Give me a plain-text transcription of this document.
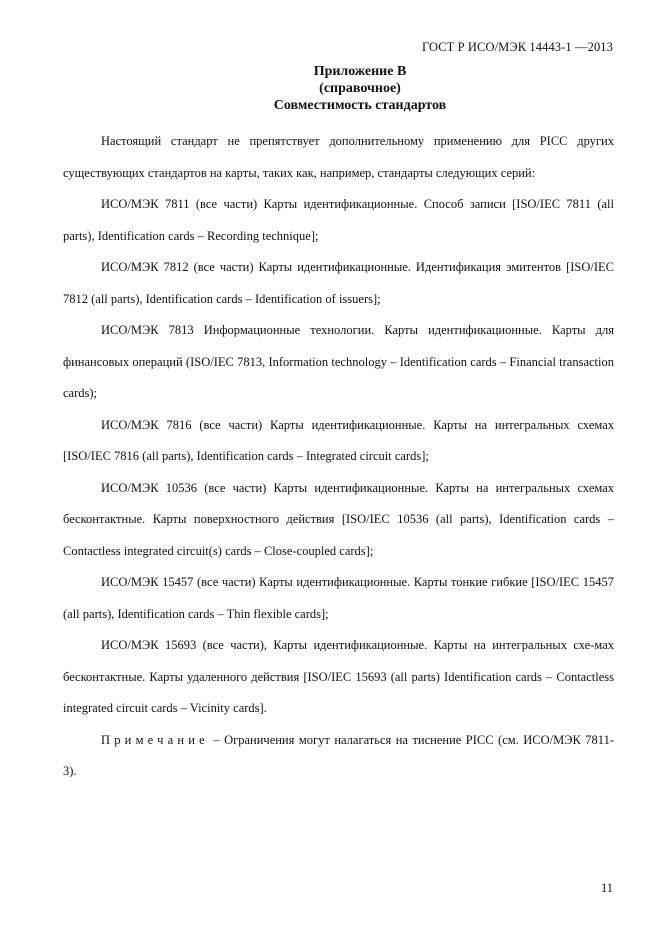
ГОСТ Р ИСО/МЭК 14443-1 —2013
Приложение В
(справочное)
Совместимость стандартов

Настоящий стандарт не препятствует дополнительному применению для PICC других существующих стандартов на карты, таких как, например, стандарты следующих серий:

ИСО/МЭК 7811 (все части) Карты идентификационные. Способ записи [ISO/IEC 7811 (all parts), Identification cards – Recording technique];

ИСО/МЭК 7812 (все части) Карты идентификационные. Идентификация эмитентов [ISO/IEC 7812 (all parts), Identification cards – Identification of issuers];

ИСО/МЭК 7813 Информационные технологии. Карты идентификационные. Карты для финансовых операций (ISO/IEC 7813, Information technology – Identification cards – Financial transaction cards);

ИСО/МЭК 7816 (все части) Карты идентификационные. Карты на интегральных схемах [ISO/IEC 7816 (all parts), Identification cards – Integrated circuit cards];

ИСО/МЭК 10536 (все части) Карты идентификационные. Карты на интегральных схемах бесконтактные. Карты поверхностного действия [ISO/IEC 10536 (all parts), Identification cards – Contactless integrated circuit(s) cards – Close-coupled cards];

ИСО/МЭК 15457 (все части) Карты идентификационные. Карты тонкие гибкие [ISO/IEC 15457 (all parts), Identification cards – Thin flexible cards];

ИСО/МЭК 15693 (все части), Карты идентификационные. Карты на интегральных схе-мах бесконтактные. Карты удаленного действия [ISO/IEC 15693 (all parts) Identification cards – Contactless integrated circuit cards – Vicinity cards].

Примечание – Ограничения могут налагаться на тиснение PICC (см. ИСО/МЭК 7811-3).

11
